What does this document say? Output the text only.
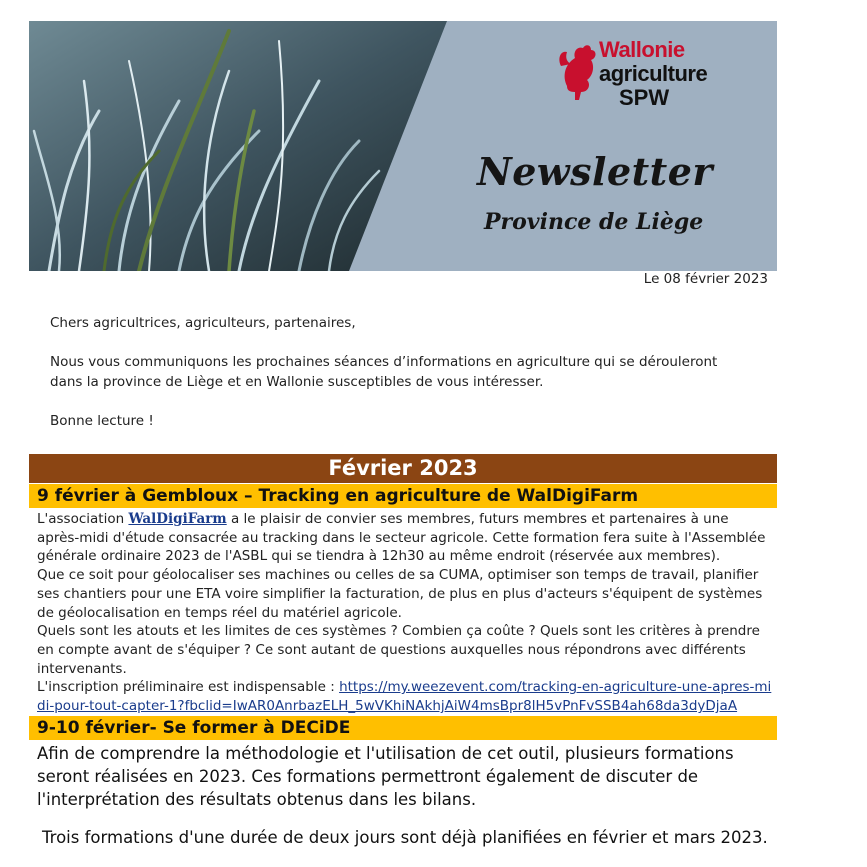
Wallonie
agriculture
SPW
Newsletter
Province de Liège
Le 08 février 2023

Chers agricultrices, agriculteurs, partenaires,

Nous vous communiquons les prochaines séances d’informations en agriculture qui se dérouleront dans la province de Liège et en Wallonie susceptibles de vous intéresser.

Bonne lecture !

Février 2023
9 février à Gembloux – Tracking en agriculture de WalDigiFarm
L'association WalDigiFarm a le plaisir de convier ses membres, futurs membres et partenaires à une après-midi d'étude consacrée au tracking dans le secteur agricole. Cette formation fera suite à l'Assemblée générale ordinaire 2023 de l'ASBL qui se tiendra à 12h30 au même endroit (réservée aux membres).
Que ce soit pour géolocaliser ses machines ou celles de sa CUMA, optimiser son temps de travail, planifier ses chantiers pour une ETA voire simplifier la facturation, de plus en plus d'acteurs s'équipent de systèmes de géolocalisation en temps réel du matériel agricole.
Quels sont les atouts et les limites de ces systèmes ? Combien ça coûte ? Quels sont les critères à prendre en compte avant de s'équiper ? Ce sont autant de questions auxquelles nous répondrons avec différents intervenants.
L'inscription préliminaire est indispensable : https://my.weezevent.com/tracking-en-agriculture-une-apres-midi-pour-tout-capter-1?fbclid=IwAR0AnrbazELH_5wVKhiNAkhjAiW4msBpr8lH5vPnFvSSB4ah68da3dyDjaA
9-10 février- Se former à DECiDE

Afin de comprendre la méthodologie et l'utilisation de cet outil, plusieurs formations seront réalisées en 2023. Ces formations permettront également de discuter de l'interprétation des résultats obtenus dans les bilans.

Trois formations d'une durée de deux jours sont déjà planifiées en février et mars 2023.
